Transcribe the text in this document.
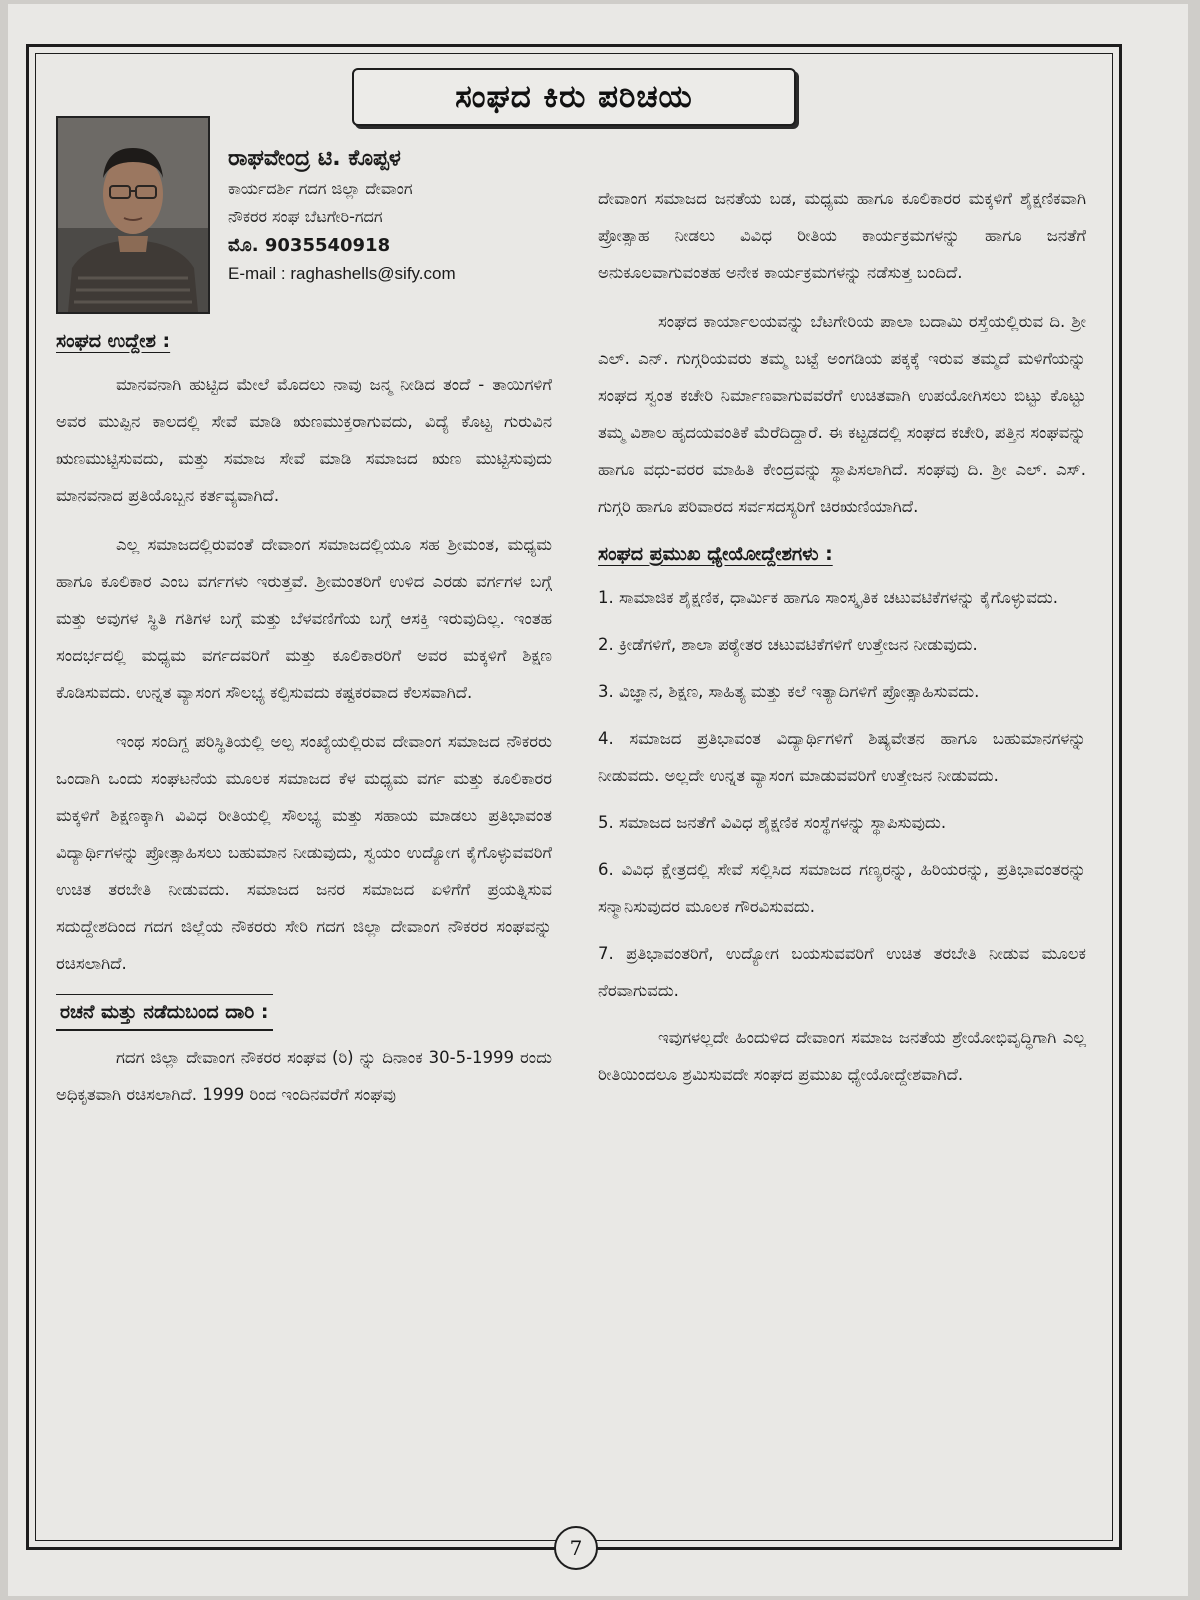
ಸಂಘದ ಕಿರು ಪರಿಚಯ
ರಾಘವೇಂದ್ರ ಟಿ. ಕೊಪ್ಪಳ
ಕಾರ್ಯದರ್ಶಿ ಗದಗ ಜಿಲ್ಲಾ ದೇವಾಂಗ
ನೌಕರರ ಸಂಘ ಬೆಟಗೇರಿ-ಗದಗ
ಮೊ. 9035540918
E-mail : raghashells@sify.com
ಸಂಘದ ಉದ್ದೇಶ :

ಮಾನವನಾಗಿ ಹುಟ್ಟಿದ ಮೇಲೆ ಮೊದಲು ನಾವು ಜನ್ಮ ನೀಡಿದ ತಂದೆ - ತಾಯಿಗಳಿಗೆ ಅವರ ಮುಪ್ಪಿನ ಕಾಲದಲ್ಲಿ ಸೇವೆ ಮಾಡಿ ಋಣಮುಕ್ತರಾಗುವದು, ವಿದ್ಯೆ ಕೊಟ್ಟ ಗುರುವಿನ ಋಣಮುಟ್ಟಿಸುವದು, ಮತ್ತು ಸಮಾಜ ಸೇವೆ ಮಾಡಿ ಸಮಾಜದ ಋಣ ಮುಟ್ಟಿಸುವುದು ಮಾನವನಾದ ಪ್ರತಿಯೊಬ್ಬನ ಕರ್ತವ್ಯವಾಗಿದೆ.

ಎಲ್ಲ ಸಮಾಜದಲ್ಲಿರುವಂತೆ ದೇವಾಂಗ ಸಮಾಜದಲ್ಲಿಯೂ ಸಹ ಶ್ರೀಮಂತ, ಮಧ್ಯಮ ಹಾಗೂ ಕೂಲಿಕಾರ ಎಂಬ ವರ್ಗಗಳು ಇರುತ್ತವೆ. ಶ್ರೀಮಂತರಿಗೆ ಉಳಿದ ಎರಡು ವರ್ಗಗಳ ಬಗ್ಗೆ ಮತ್ತು ಅವುಗಳ ಸ್ಥಿತಿ ಗತಿಗಳ ಬಗ್ಗೆ ಮತ್ತು ಬೆಳವಣಿಗೆಯ ಬಗ್ಗೆ ಆಸಕ್ತಿ ಇರುವುದಿಲ್ಲ. ಇಂತಹ ಸಂದರ್ಭದಲ್ಲಿ ಮಧ್ಯಮ ವರ್ಗದವರಿಗೆ ಮತ್ತು ಕೂಲಿಕಾರರಿಗೆ ಅವರ ಮಕ್ಕಳಿಗೆ ಶಿಕ್ಷಣ ಕೊಡಿಸುವದು. ಉನ್ನತ ವ್ಯಾಸಂಗ ಸೌಲಭ್ಯ ಕಲ್ಪಿಸುವದು ಕಷ್ಟಕರವಾದ ಕೆಲಸವಾಗಿದೆ.

ಇಂಥ ಸಂದಿಗ್ದ ಪರಿಸ್ಥಿತಿಯಲ್ಲಿ ಅಲ್ಪ ಸಂಖ್ಯೆಯಲ್ಲಿರುವ ದೇವಾಂಗ ಸಮಾಜದ ನೌಕರರು ಒಂದಾಗಿ ಒಂದು ಸಂಘಟನೆಯ ಮೂಲಕ ಸಮಾಜದ ಕೆಳ ಮಧ್ಯಮ ವರ್ಗ ಮತ್ತು ಕೂಲಿಕಾರರ ಮಕ್ಕಳಿಗೆ ಶಿಕ್ಷಣಕ್ಕಾಗಿ ವಿವಿಧ ರೀತಿಯಲ್ಲಿ ಸೌಲಭ್ಯ ಮತ್ತು ಸಹಾಯ ಮಾಡಲು ಪ್ರತಿಭಾವಂತ ವಿದ್ಯಾರ್ಥಿಗಳನ್ನು ಪ್ರೋತ್ಸಾಹಿಸಲು ಬಹುಮಾನ ನೀಡುವುದು, ಸ್ವಯಂ ಉದ್ಯೋಗ ಕೈಗೊಳ್ಳುವವರಿಗೆ ಉಚಿತ ತರಬೇತಿ ನೀಡುವದು. ಸಮಾಜದ ಜನರ ಸಮಾಜದ ಏಳಿಗೆಗೆ ಪ್ರಯತ್ನಿಸುವ ಸದುದ್ದೇಶದಿಂದ ಗದಗ ಜಿಲ್ಲೆಯ ನೌಕರರು ಸೇರಿ ಗದಗ ಜಿಲ್ಲಾ ದೇವಾಂಗ ನೌಕರರ ಸಂಘವನ್ನು ರಚಿಸಲಾಗಿದೆ.

ರಚನೆ ಮತ್ತು ನಡೆದುಬಂದ ದಾರಿ :

ಗದಗ ಜಿಲ್ಲಾ ದೇವಾಂಗ ನೌಕರರ ಸಂಘವ (ರಿ) ನ್ನು ದಿನಾಂಕ 30-5-1999 ರಂದು ಅಧಿಕೃತವಾಗಿ ರಚಿಸಲಾಗಿದೆ. 1999 ರಿಂದ ಇಂದಿನವರೆಗೆ ಸಂಘವು

ದೇವಾಂಗ ಸಮಾಜದ ಜನತೆಯ ಬಡ, ಮಧ್ಯಮ ಹಾಗೂ ಕೂಲಿಕಾರರ ಮಕ್ಕಳಿಗೆ ಶೈಕ್ಷಣಿಕವಾಗಿ ಪ್ರೋತ್ಸಾಹ ನೀಡಲು ವಿವಿಧ ರೀತಿಯ ಕಾರ್ಯಕ್ರಮಗಳನ್ನು ಹಾಗೂ ಜನತೆಗೆ ಅನುಕೂಲವಾಗುವಂತಹ ಅನೇಕ ಕಾರ್ಯಕ್ರಮಗಳನ್ನು ನಡೆಸುತ್ತ ಬಂದಿದೆ.

ಸಂಘದ ಕಾರ್ಯಾಲಯವನ್ನು ಬೆಟಗೇರಿಯ ಪಾಲಾ ಬದಾಮಿ ರಸ್ತೆಯಲ್ಲಿರುವ ದಿ. ಶ್ರೀ ಎಲ್. ಎನ್. ಗುಗ್ಗರಿಯವರು ತಮ್ಮ ಬಟ್ಟೆ ಅಂಗಡಿಯ ಪಕ್ಕಕ್ಕೆ ಇರುವ ತಮ್ಮದೆ ಮಳಿಗೆಯನ್ನು ಸಂಘದ ಸ್ವಂತ ಕಚೇರಿ ನಿರ್ಮಾಣವಾಗುವವರೆಗೆ ಉಚಿತವಾಗಿ ಉಪಯೋಗಿಸಲು ಬಿಟ್ಟು ಕೊಟ್ಟು ತಮ್ಮ ವಿಶಾಲ ಹೃದಯವಂತಿಕೆ ಮೆರೆದಿದ್ದಾರೆ. ಈ ಕಟ್ಟಡದಲ್ಲಿ ಸಂಘದ ಕಚೇರಿ, ಪತ್ತಿನ ಸಂಘವನ್ನು ಹಾಗೂ ವಧು-ವರರ ಮಾಹಿತಿ ಕೇಂದ್ರವನ್ನು ಸ್ಥಾಪಿಸಲಾಗಿದೆ. ಸಂಘವು ದಿ. ಶ್ರೀ ಎಲ್. ಎಸ್. ಗುಗ್ಗರಿ ಹಾಗೂ ಪರಿವಾರದ ಸರ್ವಸದಸ್ಯರಿಗೆ ಚಿರಋಣಿಯಾಗಿದೆ.

ಸಂಘದ ಪ್ರಮುಖ ಧ್ಯೇಯೋದ್ದೇಶಗಳು :
1. ಸಾಮಾಜಿಕ ಶೈಕ್ಷಣಿಕ, ಧಾರ್ಮಿಕ ಹಾಗೂ ಸಾಂಸ್ಕೃತಿಕ ಚಟುವಟಿಕೆಗಳನ್ನು ಕೈಗೊಳ್ಳುವದು.
2. ಕ್ರೀಡೆಗಳಿಗೆ, ಶಾಲಾ ಪಠ್ಯೇತರ ಚಟುವಟಿಕೆಗಳಿಗೆ ಉತ್ತೇಜನ ನೀಡುವುದು.
3. ವಿಜ್ಞಾನ, ಶಿಕ್ಷಣ, ಸಾಹಿತ್ಯ ಮತ್ತು ಕಲೆ ಇತ್ಯಾದಿಗಳಿಗೆ ಪ್ರೋತ್ಸಾಹಿಸುವದು.
4. ಸಮಾಜದ ಪ್ರತಿಭಾವಂತ ವಿದ್ಯಾರ್ಥಿಗಳಿಗೆ ಶಿಷ್ಯವೇತನ ಹಾಗೂ ಬಹುಮಾನಗಳನ್ನು ನೀಡುವದು. ಅಲ್ಲದೇ ಉನ್ನತ ವ್ಯಾಸಂಗ ಮಾಡುವವರಿಗೆ ಉತ್ತೇಜನ ನೀಡುವದು.
5. ಸಮಾಜದ ಜನತೆಗೆ ವಿವಿಧ ಶೈಕ್ಷಣಿಕ ಸಂಸ್ಥೆಗಳನ್ನು ಸ್ಥಾಪಿಸುವುದು.
6. ವಿವಿಧ ಕ್ಷೇತ್ರದಲ್ಲಿ ಸೇವೆ ಸಲ್ಲಿಸಿದ ಸಮಾಜದ ಗಣ್ಯರನ್ನು, ಹಿರಿಯರನ್ನು, ಪ್ರತಿಭಾವಂತರನ್ನು ಸನ್ಮಾನಿಸುವುದರ ಮೂಲಕ ಗೌರವಿಸುವದು.
7. ಪ್ರತಿಭಾವಂತರಿಗೆ, ಉದ್ಯೋಗ ಬಯಸುವವರಿಗೆ ಉಚಿತ ತರಬೇತಿ ನೀಡುವ ಮೂಲಕ ನೆರವಾಗುವದು.

ಇವುಗಳಲ್ಲದೇ ಹಿಂದುಳಿದ ದೇವಾಂಗ ಸಮಾಜ ಜನತೆಯ ಶ್ರೇಯೋಭಿವೃದ್ಧಿಗಾಗಿ ಎಲ್ಲ ರೀತಿಯಿಂದಲೂ ಶ್ರಮಿಸುವದೇ ಸಂಘದ ಪ್ರಮುಖ ಧ್ಯೇಯೋದ್ದೇಶವಾಗಿದೆ.

7
